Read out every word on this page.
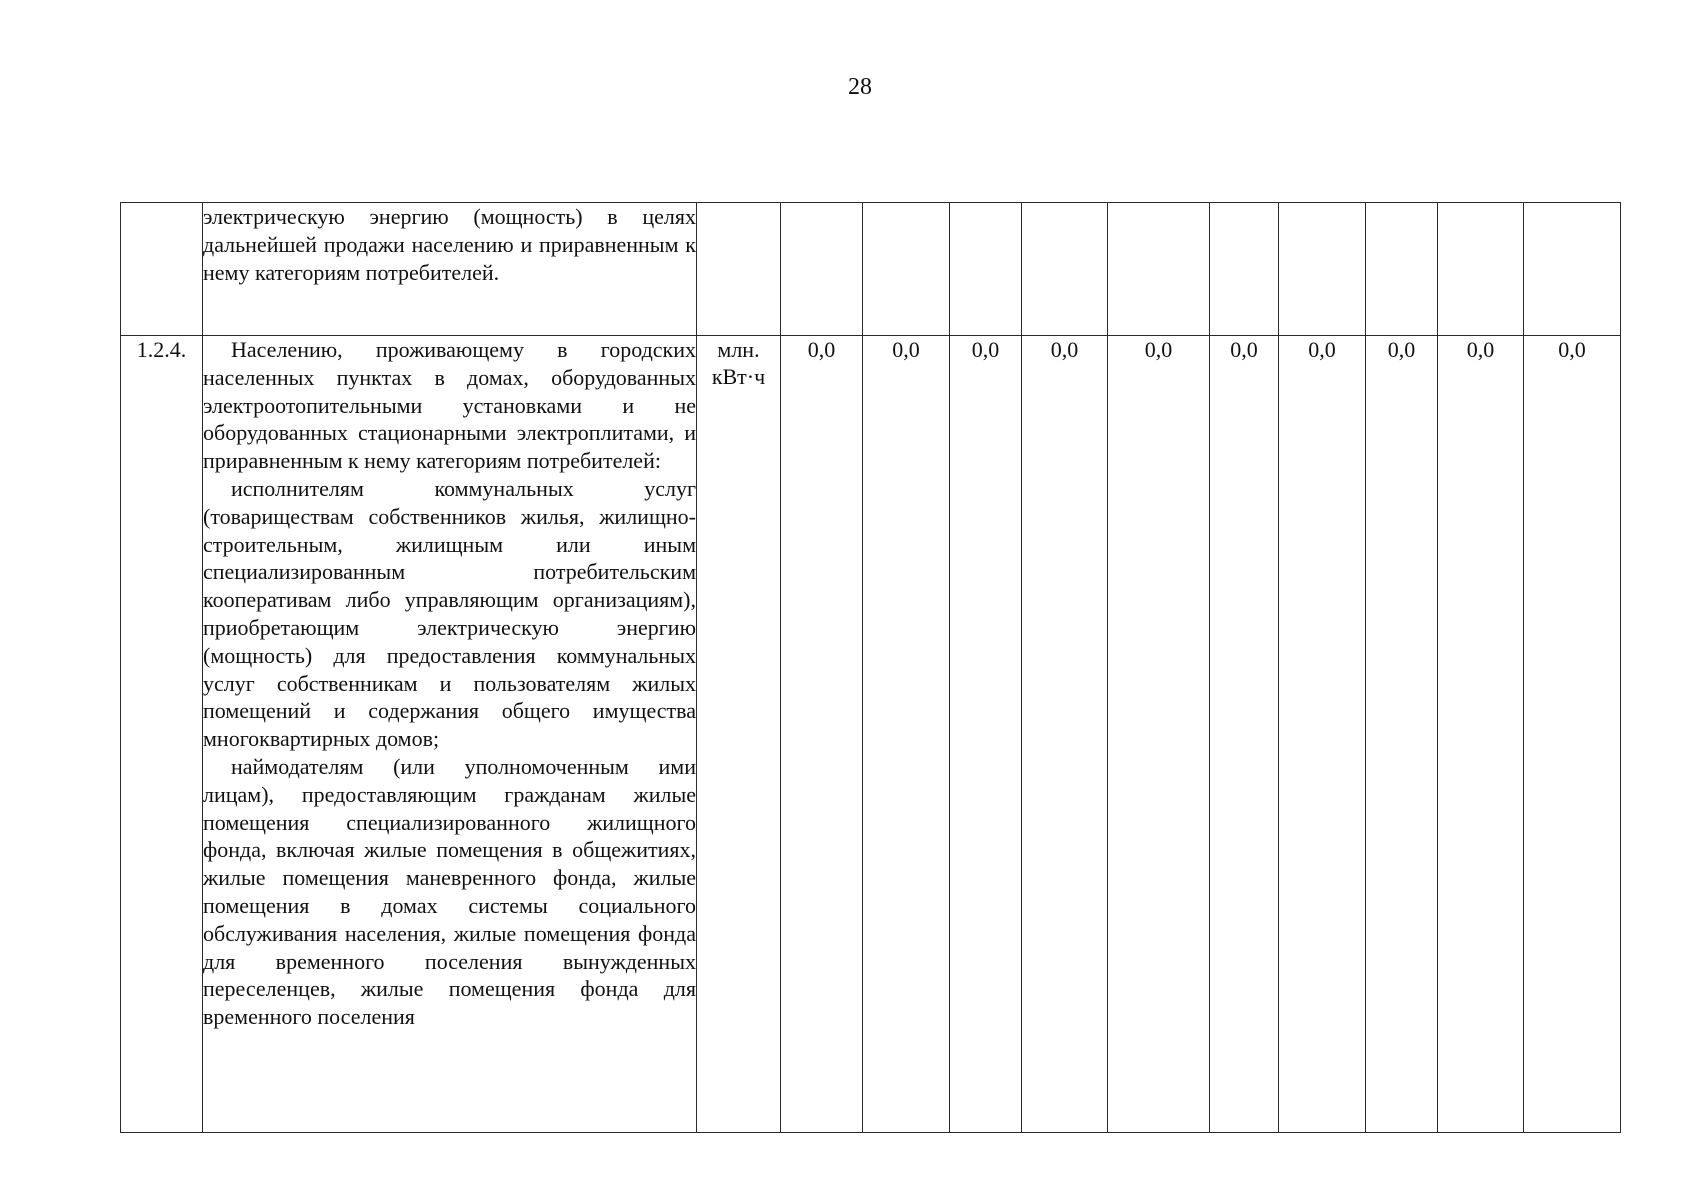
28

	электрическую энергию (мощность) в целях дальнейшей продажи населению и приравненным к нему категориям потребителей.											

1.2.4.	Населению, проживающему в городских населенных пунктах в домах, оборудованных электроотопительными установками и не оборудованных стационарными электроплитами, и приравненным к нему категориям потребителей:

исполнителям коммунальных услуг (товариществам собственников жилья, жилищно-строительным, жилищным или иным специализированным потребительским кооперативам либо управляющим организациям), приобретающим электрическую энергию (мощность) для предоставления коммунальных услуг собственникам и пользователям жилых помещений и содержания общего имущества многоквартирных домов;

наймодателям (или уполномоченным ими лицам), предоставляющим гражданам жилые помещения специализированного жилищного фонда, включая жилые помещения в общежитиях, жилые помещения маневренного фонда, жилые помещения в домах системы социального обслуживания населения, жилые помещения фонда для временного поселения вынужденных переселенцев, жилые помещения фонда для временного поселения	млн. кВт·ч	0,0	0,0	0,0	0,0	0,0	0,0	0,0	0,0	0,0	0,0
